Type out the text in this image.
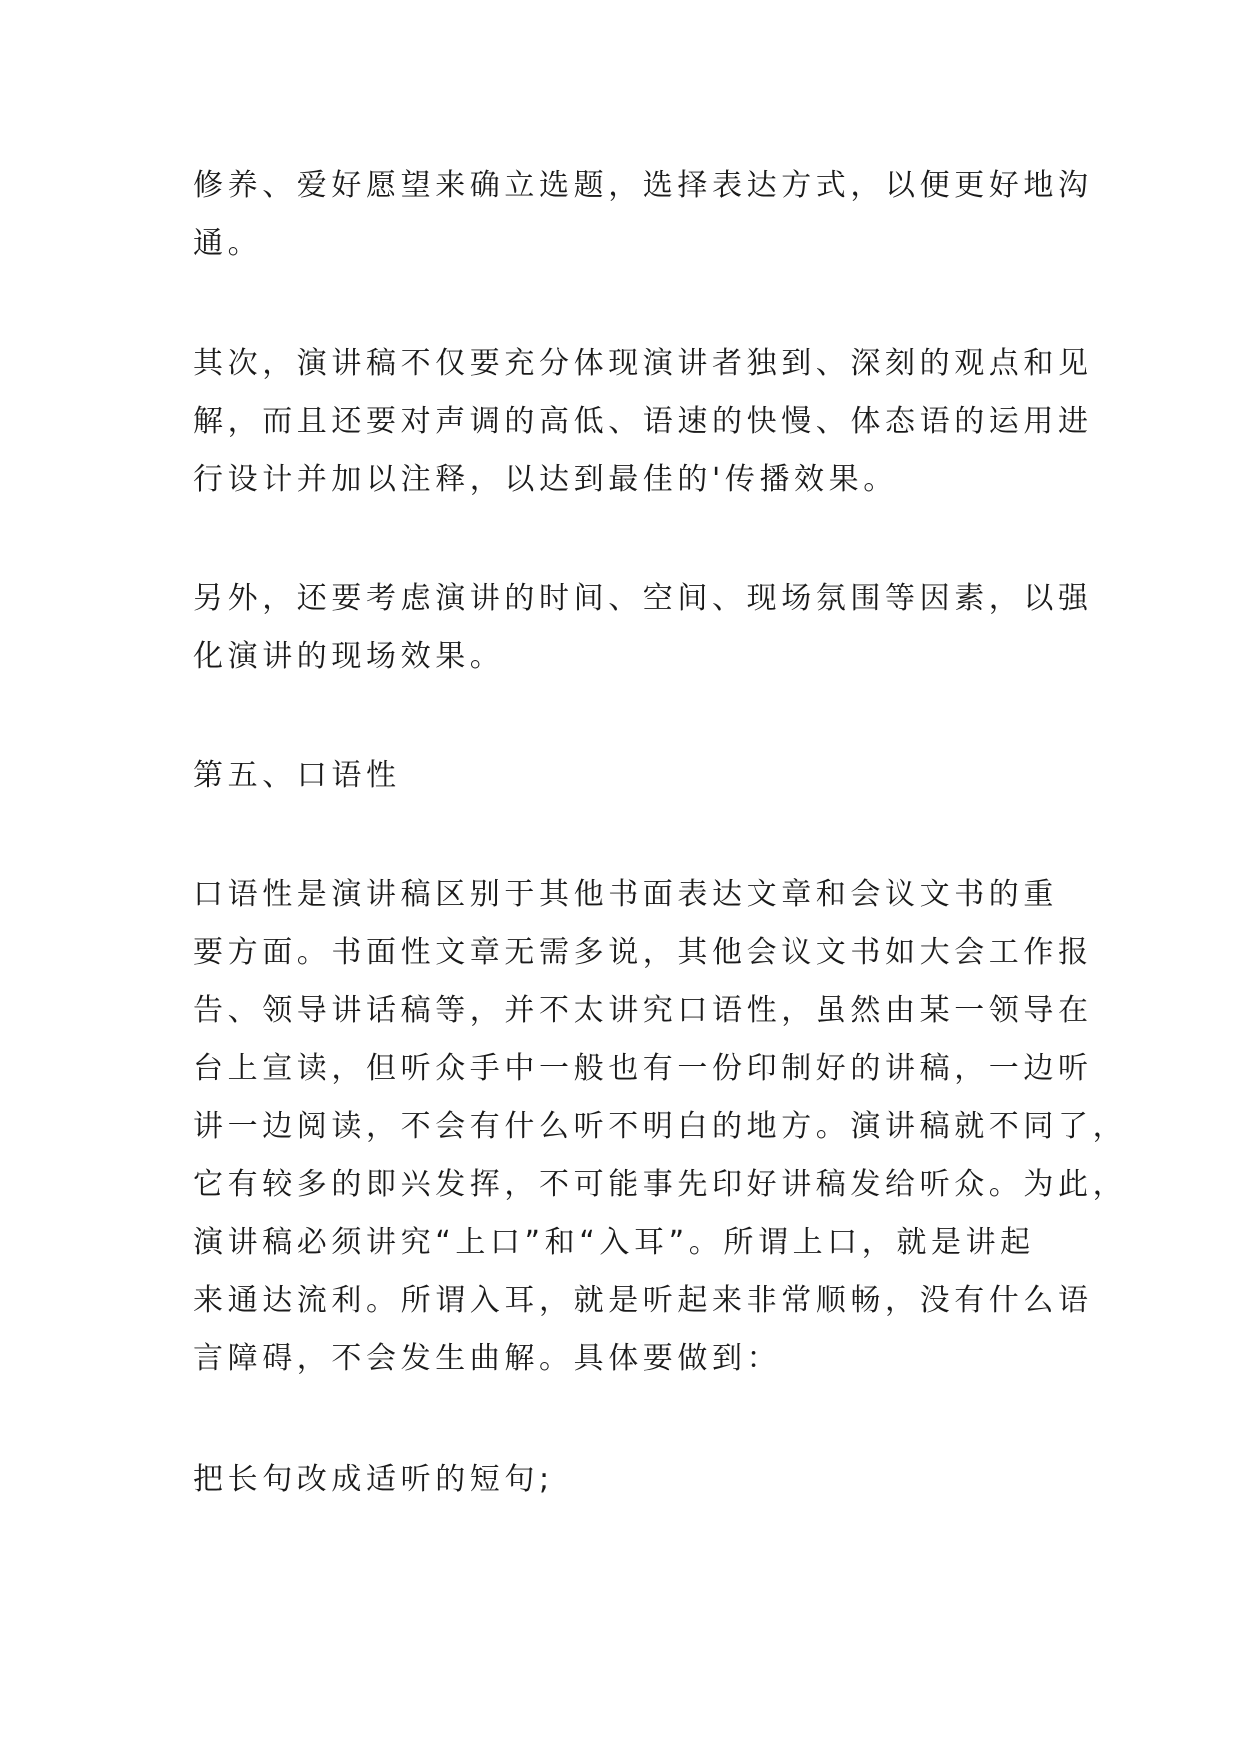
修养、爱好愿望来确立选题，选择表达方式，以便更好地沟
通。

其次，演讲稿不仅要充分体现演讲者独到、深刻的观点和见
解，而且还要对声调的高低、语速的快慢、体态语的运用进
行设计并加以注释，以达到最佳的'传播效果。

另外，还要考虑演讲的时间、空间、现场氛围等因素，以强
化演讲的现场效果。

第五、口语性

口语性是演讲稿区别于其他书面表达文章和会议文书的重
要方面。书面性文章无需多说，其他会议文书如大会工作报
告、领导讲话稿等，并不太讲究口语性，虽然由某一领导在
台上宣读，但听众手中一般也有一份印制好的讲稿，一边听
讲一边阅读，不会有什么听不明白的地方。演讲稿就不同了，
它有较多的即兴发挥，不可能事先印好讲稿发给听众。为此，
演讲稿必须讲究“上口”和“入耳”。所谓上口，就是讲起
来通达流利。所谓入耳，就是听起来非常顺畅，没有什么语
言障碍，不会发生曲解。具体要做到：

把长句改成适听的短句;
